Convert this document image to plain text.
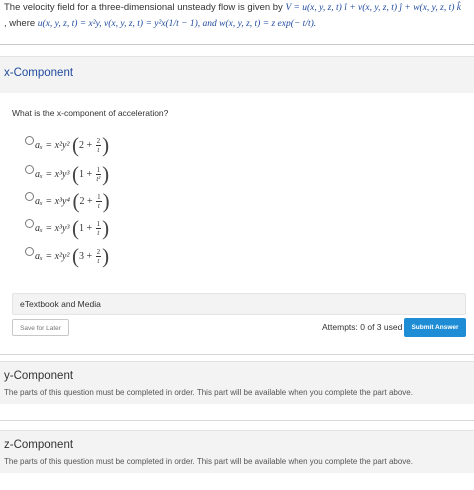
The velocity field for a three-dimensional unsteady flow is given by V = u(x, y, z, t) î + v(x, y, z, t) ĵ + w(x, y, z, t) k̂
, where u(x, y, z, t) = x²y, v(x, y, z, t) = y²x(1/t − 1), and w(x, y, z, t) = z exp(− t/t).
x-Component
What is the x-component of acceleration?
aₓ = x²y² ($2 + \frac{2}{t}$ )
aₓ = x³y³ ($1 + \frac{1}{\text{t²}}$ )
aₓ = x³y⁴ ($2 + \frac{1}{t}$ )
aₓ = x³y³ ($1 + \frac{1}{t}$ )
aₓ = x²y² ($3 + \frac{2}{t}$ )
eTextbook and Media
Save for Later	Attempts: 0 of 3 used	Submit Answer
y-Component
The parts of this question must be completed in order. This part will be available when you complete the part above.
z-Component
The parts of this question must be completed in order. This part will be available when you complete the part above.
